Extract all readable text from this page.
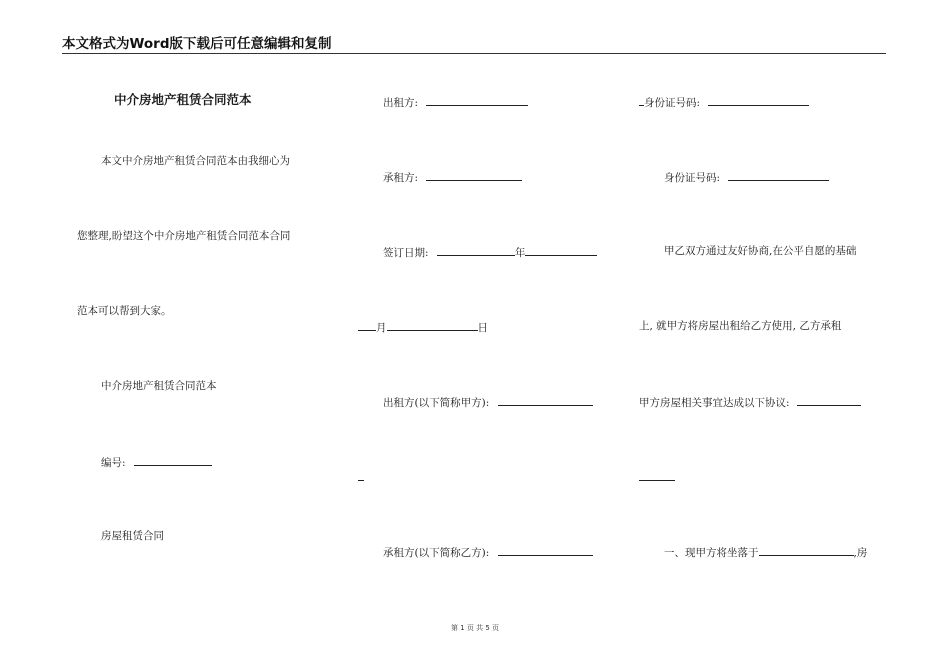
本文格式为Word版下载后可任意编辑和复制
中介房地产租赁合同范本
本文中介房地产租赁合同范本由我细心为
您整理,盼望这个中介房地产租赁合同范本合同
范本可以帮到大家。
中介房地产租赁合同范本
编号:
房屋租赁合同
出租方:
承租方:
签订日期:	年
月	日
出租方(以下简称甲方):
承租方(以下简称乙方):
身份证号码:
身份证号码:
甲乙双方通过友好协商,在公平自愿的基础
上, 就甲方将房屋出租给乙方使用, 乙方承租
甲方房屋相关事宜达成以下协议:
一、现甲方将坐落于	,房
第 1 页 共 5 页
